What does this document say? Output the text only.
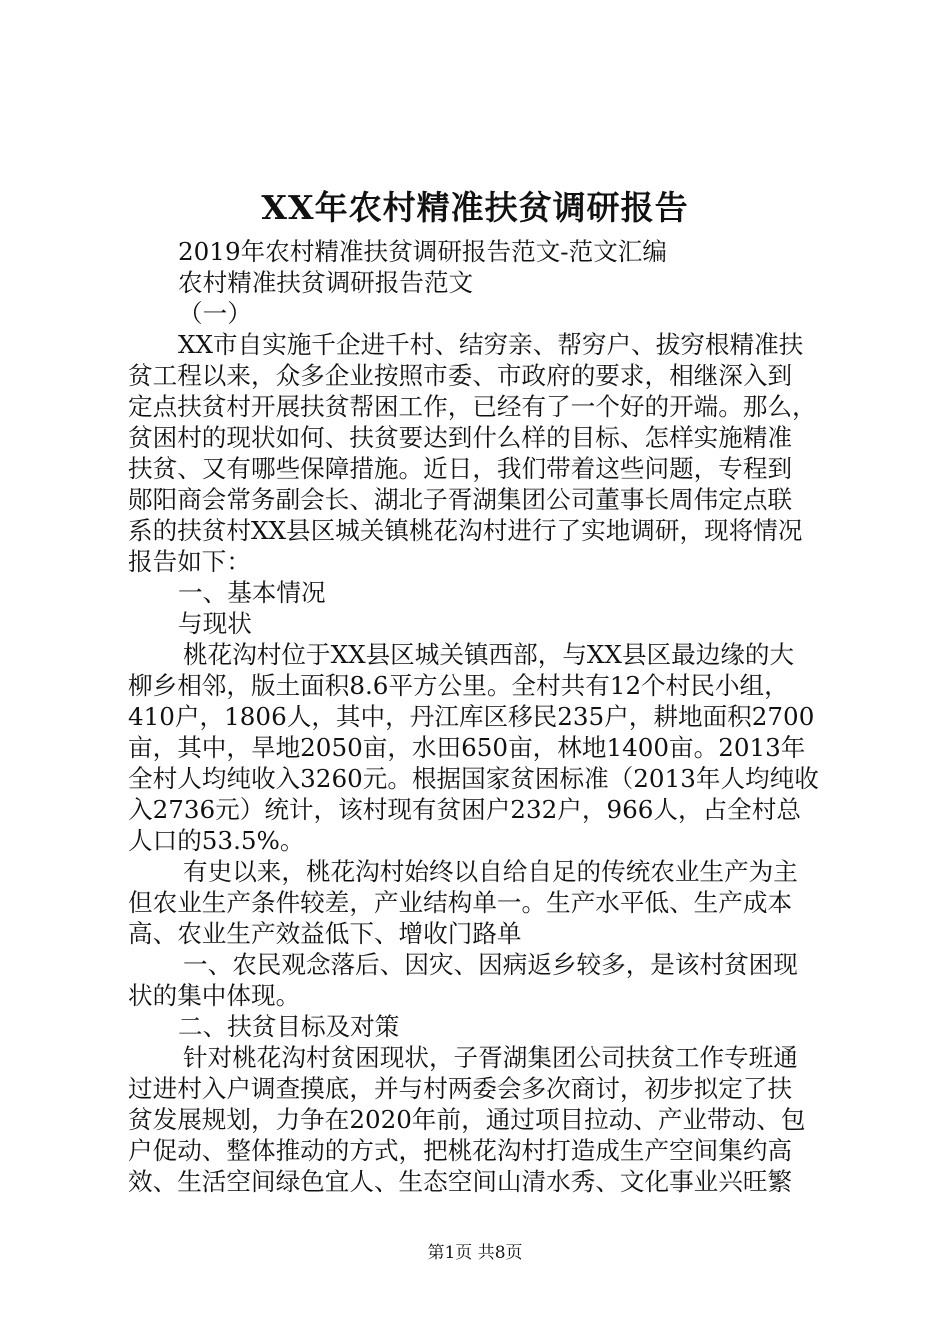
XX年农村精准扶贫调研报告
2019年农村精准扶贫调研报告范文-范文汇编
农村精准扶贫调研报告范文
（一）
XX市自实施千企进千村、结穷亲、帮穷户、拔穷根精准扶
贫工程以来，众多企业按照市委、市政府的要求，相继深入到
定点扶贫村开展扶贫帮困工作，已经有了一个好的开端。那么，
贫困村的现状如何、扶贫要达到什么样的目标、怎样实施精准
扶贫、又有哪些保障措施。近日，我们带着这些问题，专程到
郧阳商会常务副会长、湖北子胥湖集团公司董事长周伟定点联
系的扶贫村XX县区城关镇桃花沟村进行了实地调研，现将情况
报告如下：
一、基本情况
与现状
桃花沟村位于XX县区城关镇西部，与XX县区最边缘的大
柳乡相邻，版土面积8.6平方公里。全村共有12个村民小组，
410户，1806人，其中，丹江库区移民235户，耕地面积2700
亩，其中，旱地2050亩，水田650亩，林地1400亩。2013年
全村人均纯收入3260元。根据国家贫困标准（2013年人均纯收
入2736元）统计，该村现有贫困户232户，966人，占全村总
人口的53.5%。
有史以来，桃花沟村始终以自给自足的传统农业生产为主
但农业生产条件较差，产业结构单一。生产水平低、生产成本
高、农业生产效益低下、增收门路单
一、农民观念落后、因灾、因病返乡较多，是该村贫困现
状的集中体现。
二、扶贫目标及对策
针对桃花沟村贫困现状，子胥湖集团公司扶贫工作专班通
过进村入户调查摸底，并与村两委会多次商讨，初步拟定了扶
贫发展规划，力争在2020年前，通过项目拉动、产业带动、包
户促动、整体推动的方式，把桃花沟村打造成生产空间集约高
效、生活空间绿色宜人、生态空间山清水秀、文化事业兴旺繁
第1页 共8页
